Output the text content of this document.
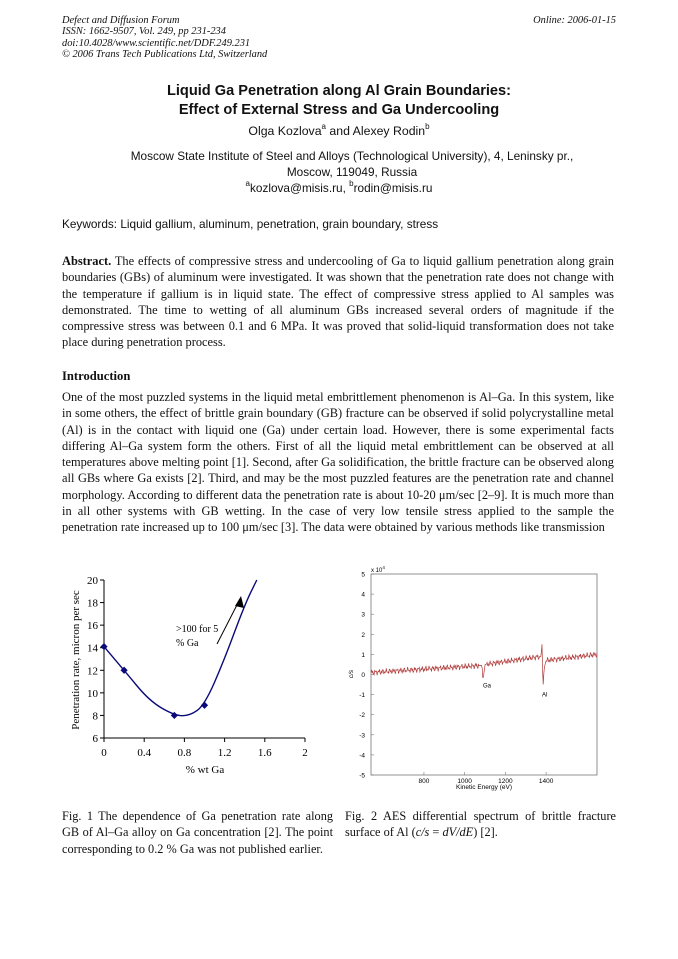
Defect and Diffusion Forum
ISSN: 1662-9507, Vol. 249, pp 231-234
doi:10.4028/www.scientific.net/DDF.249.231
© 2006 Trans Tech Publications Ltd, Switzerland
Online: 2006-01-15
Liquid Ga Penetration along Al Grain Boundaries:
Effect of External Stress and Ga Undercooling
Olga Kozlova$^a$ and Alexey Rodin$^b$
Moscow State Institute of Steel and Alloys (Technological University), 4, Leninsky pr., Moscow, 119049, Russia
$^a$kozlova@misis.ru, $^b$rodin@misis.ru
Keywords: Liquid gallium, aluminum, penetration, grain boundary, stress
Abstract. The effects of compressive stress and undercooling of Ga to liquid gallium penetration along grain boundaries (GBs) of aluminum were investigated. It was shown that the penetration rate does not change with the temperature if gallium is in liquid state. The effect of compressive stress applied to Al samples was demonstrated. The time to wetting of all aluminum GBs increased several orders of magnitude if the compressive stress was between 0.1 and 6 MPa. It was proved that solid-liquid transformation does not take place during penetration process.
Introduction
One of the most puzzled systems in the liquid metal embrittlement phenomenon is Al–Ga. In this system, like in some others, the effect of brittle grain boundary (GB) fracture can be observed if solid polycrystalline metal (Al) is in the contact with liquid one (Ga) under certain load. However, there is some experimental facts differing Al–Ga system form the others. First of all the liquid metal embrittlement can be observed at all temperatures above melting point [1]. Second, after Ga solidification, the brittle fracture can be observed along all GBs where Ga exists [2]. Third, and may be the most puzzled features are the penetration rate and channel morphology. According to different data the penetration rate is about 10-20 μm/sec [2–9]. It is much more than in all other systems with GB wetting. In the case of very low tensile stress applied to the sample the penetration rate increased up to 100 μm/sec [3]. The data were obtained by various methods like transmission
6
8
10
12
14
16
18
20
0	0.4 0.8 1.2 1.6	2
>100 for 5
% Ga
% wt Ga
Penetration rate, micron per sec
x $10^4$
5
4
3
2
1
0
-1
-2
-3
-4
-5
800	1000	1200	1400
Ga
Al
Kinetic Energy (eV)
c/s
Fig. 1 The dependence of Ga penetration rate along GB of Al–Ga alloy on Ga concentration [2]. The point corresponding to 0.2 % Ga was not published earlier.
Fig. 2 AES differential spectrum of brittle fracture surface of Al (c/s = dV/dE) [2].
